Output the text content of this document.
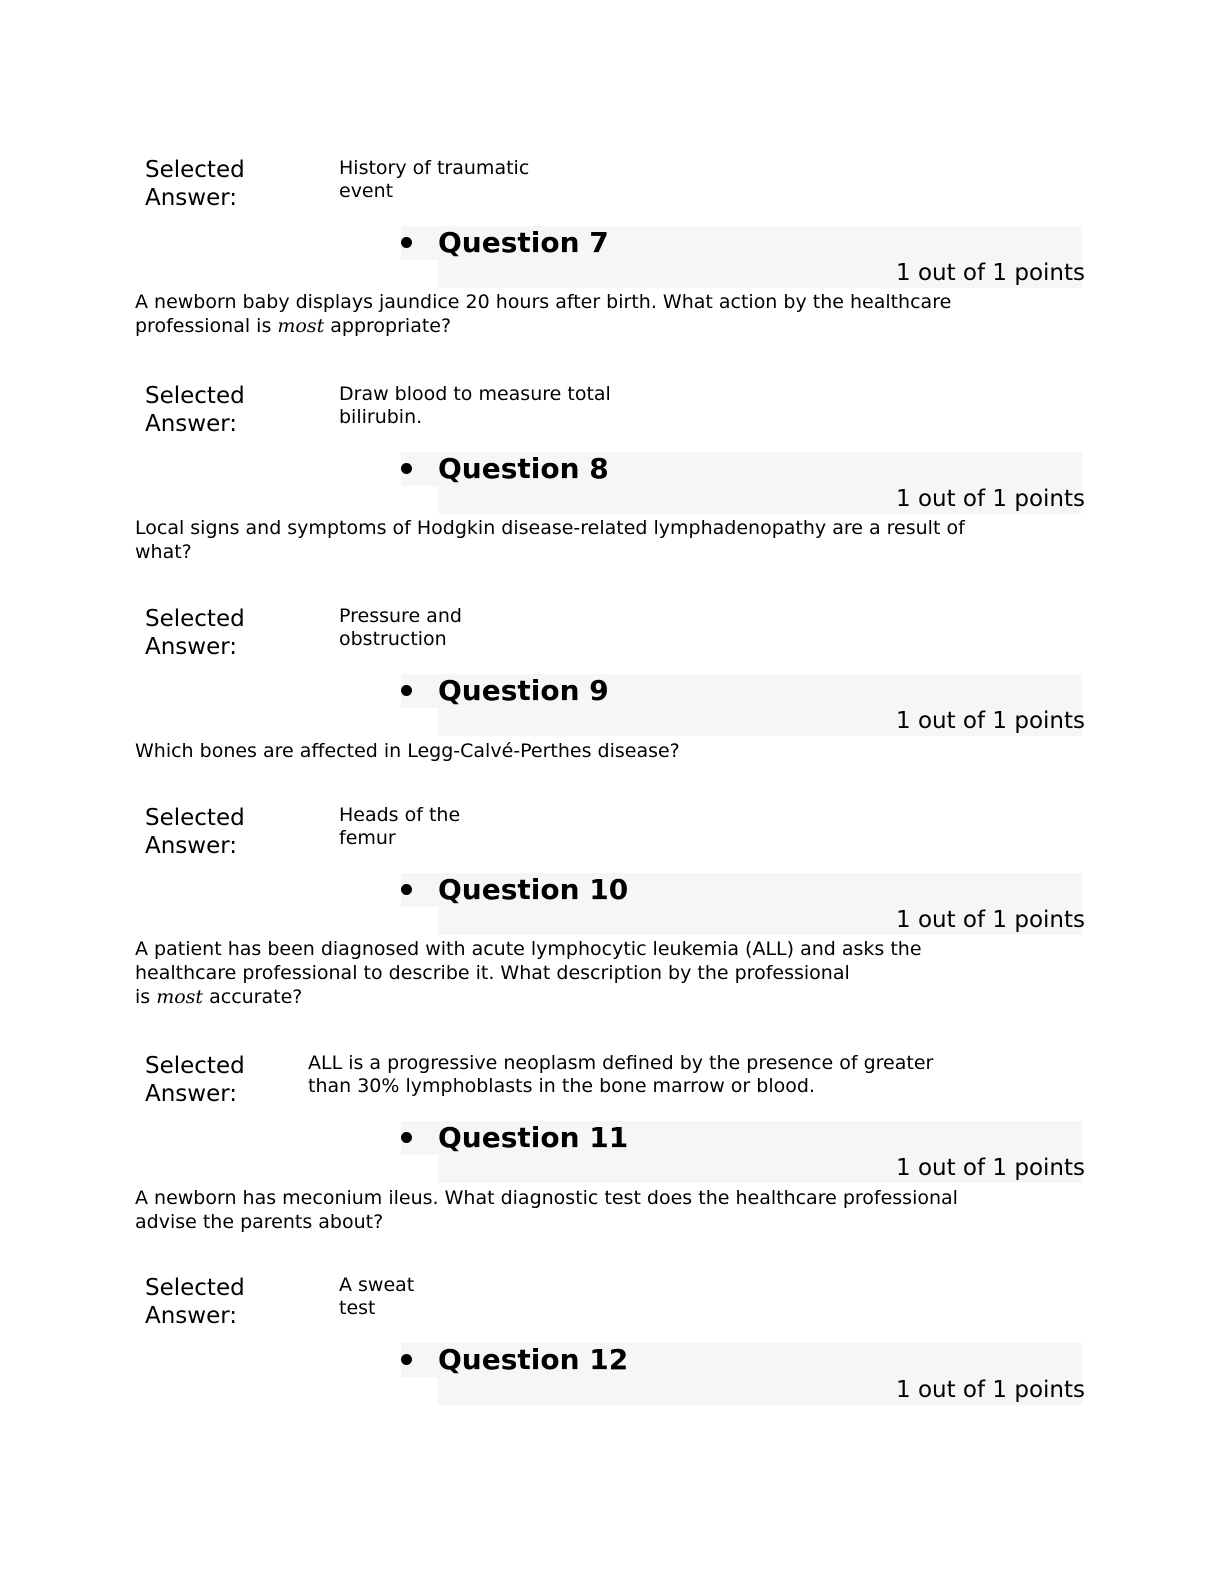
Selected Answer:
History of traumatic
event
Question 7
1 out of 1 points
A newborn baby displays jaundice 20 hours after birth. What action by the healthcare
professional is most appropriate?
Selected Answer:
Draw blood to measure total
bilirubin.
Question 8
1 out of 1 points
Local signs and symptoms of Hodgkin disease-related lymphadenopathy are a result of
what?
Selected Answer:
Pressure and
obstruction
Question 9
1 out of 1 points
Which bones are affected in Legg-Calvé-Perthes disease?
Selected Answer:
Heads of the
femur
Question 10
1 out of 1 points
A patient has been diagnosed with acute lymphocytic leukemia (ALL) and asks the
healthcare professional to describe it. What description by the professional
is most accurate?
Selected Answer:
ALL is a progressive neoplasm defined by the presence of greater
than 30% lymphoblasts in the bone marrow or blood.
Question 11
1 out of 1 points
A newborn has meconium ileus. What diagnostic test does the healthcare professional
advise the parents about?
Selected Answer:
A sweat
test
Question 12
1 out of 1 points
